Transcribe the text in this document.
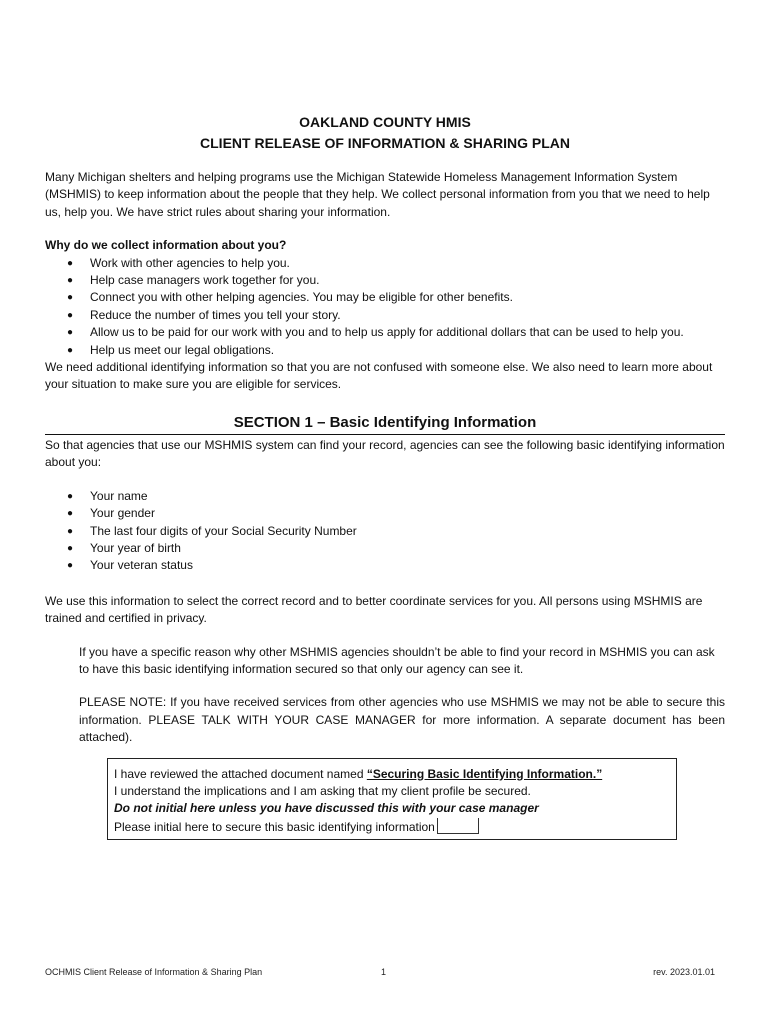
OAKLAND COUNTY HMIS

CLIENT RELEASE OF INFORMATION & SHARING PLAN

Many Michigan shelters and helping programs use the Michigan Statewide Homeless Management Information System (MSHMIS) to keep information about the people that they help. We collect personal information from you that we need to help us, help you. We have strict rules about sharing your information.

Why do we collect information about you?

● Work with other agencies to help you.
● Help case managers work together for you.
● Connect you with other helping agencies. You may be eligible for other benefits.
● Reduce the number of times you tell your story.
● Allow us to be paid for our work with you and to help us apply for additional dollars that can be used to help you.
● Help us meet our legal obligations.

We need additional identifying information so that you are not confused with someone else. We also need to learn more about your situation to make sure you are eligible for services.

SECTION 1 – Basic Identifying Information

So that agencies that use our MSHMIS system can find your record, agencies can see the following basic identifying information about you:

● Your name
● Your gender
● The last four digits of your Social Security Number
● Your year of birth
● Your veteran status

We use this information to select the correct record and to better coordinate services for you. All persons using MSHMIS are trained and certified in privacy.

If you have a specific reason why other MSHMIS agencies shouldn’t be able to find your record in MSHMIS you can ask to have this basic identifying information secured so that only our agency can see it.

PLEASE NOTE: If you have received services from other agencies who use MSHMIS we may not be able to secure this information. PLEASE TALK WITH YOUR CASE MANAGER for more information. A separate document has been attached).

I have reviewed the attached document named “Securing Basic Identifying Information.”
I understand the implications and I am asking that my client profile be secured.
Do not initial here unless you have discussed this with your case manager
Please initial here to secure this basic identifying information
OCHMIS Client Release of Information & Sharing Plan	1	rev. 2023.01.01
